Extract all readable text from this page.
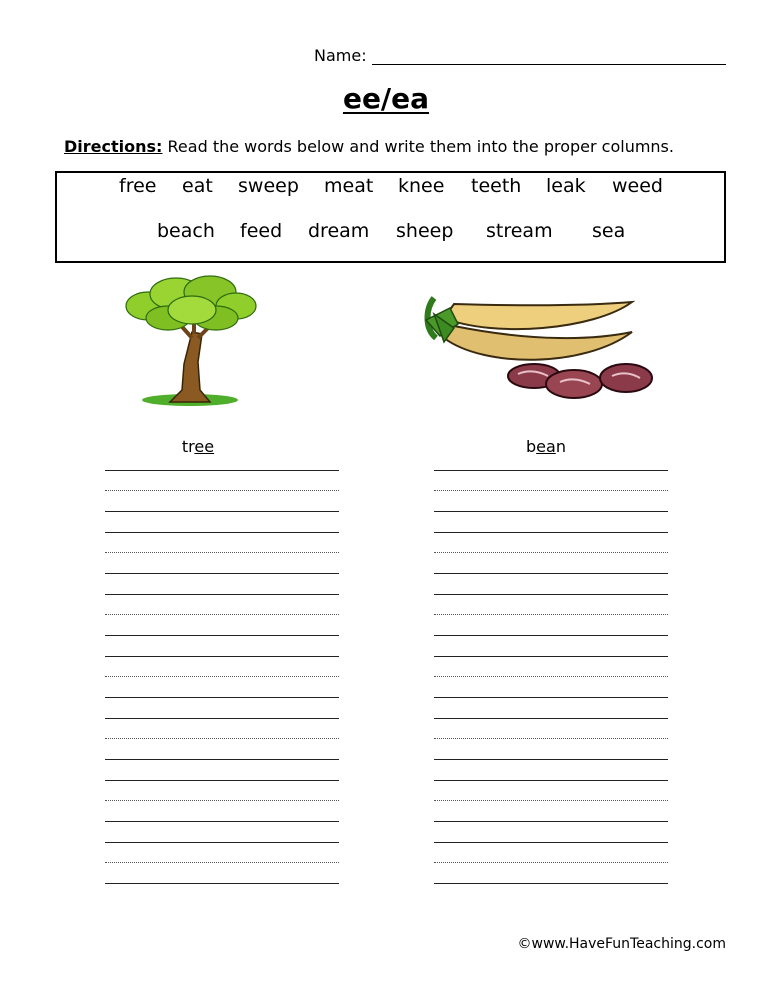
Name:
ee/ea
Directions: Read the words below and write them into the proper columns.
free eat sweep meat knee teeth leak weed
beach feed dream sheep stream sea
tree	bean
©www.HaveFunTeaching.com
